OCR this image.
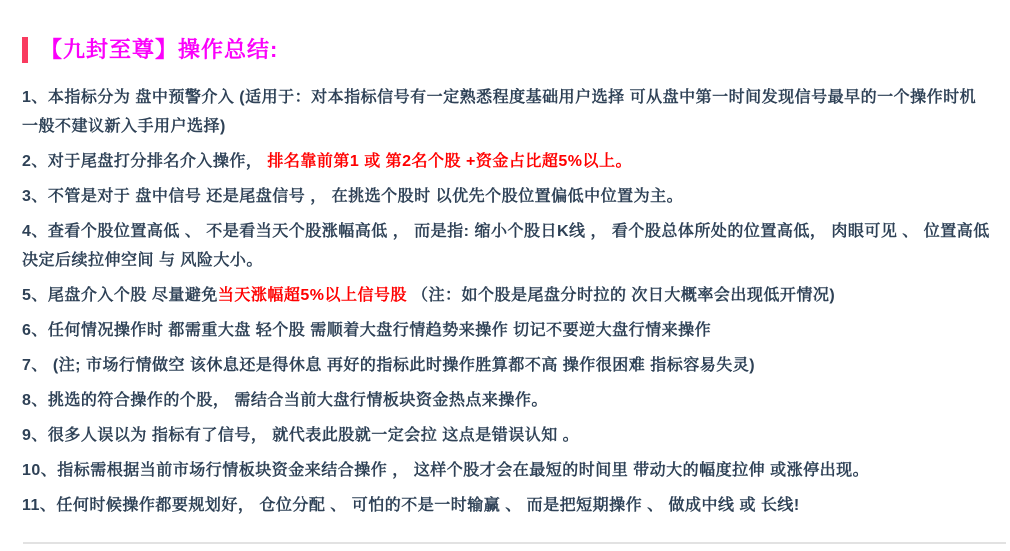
【九封至尊】操作总结:

1、本指标分为 盘中预警介入 (适用于：对本指标信号有一定熟悉程度基础用户选择 可从盘中第一时间发现信号最早的一个操作时机 一般不建议新入手用户选择)

2、对于尾盘打分排名介入操作， 排名靠前第1 或 第2名个股 +资金占比超5%以上。

3、不管是对于 盘中信号 还是尾盘信号 ， 在挑选个股时 以优先个股位置偏低中位置为主。

4、查看个股位置高低 、 不是看当天个股涨幅高低 ， 而是指: 缩小个股日K线 ， 看个股总体所处的位置高低， 肉眼可见 、 位置高低决定后续拉伸空间 与 风险大小。

5、尾盘介入个股 尽量避免当天涨幅超5%以上信号股 （注：如个股是尾盘分时拉的 次日大概率会出现低开情况)

6、任何情况操作时 都需重大盘 轻个股 需顺着大盘行情趋势来操作 切记不要逆大盘行情来操作

7、 (注; 市场行情做空 该休息还是得休息 再好的指标此时操作胜算都不高 操作很困难 指标容易失灵)

8、挑选的符合操作的个股， 需结合当前大盘行情板块资金热点来操作。

9、很多人误以为 指标有了信号， 就代表此股就一定会拉 这点是错误认知 。

10、指标需根据当前市场行情板块资金来结合操作 ， 这样个股才会在最短的时间里 带动大的幅度拉伸 或涨停出现。

11、任何时候操作都要规划好， 仓位分配 、 可怕的不是一时输赢 、 而是把短期操作 、 做成中线 或 长线!
